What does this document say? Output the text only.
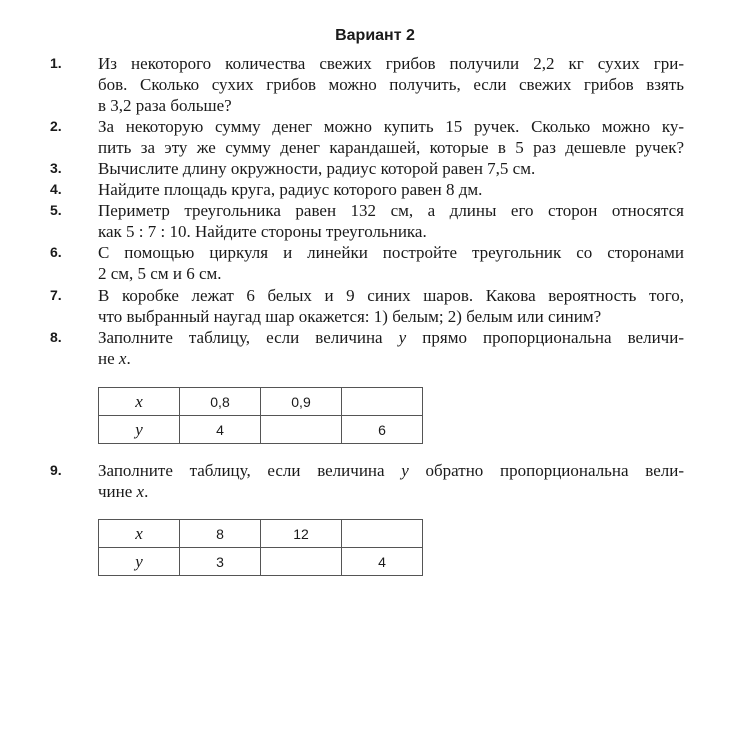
Вариант 2
1. Из некоторого количества свежих грибов получили 2,2 кг сухих гри-
бов. Сколько сухих грибов можно получить, если свежих грибов взять
в 3,2 раза больше?
2. За некоторую сумму денег можно купить 15 ручек. Сколько можно ку-
пить за эту же сумму денег карандашей, которые в 5 раз дешевле ручек?
3. Вычислите длину окружности, радиус которой равен 7,5 см.
4. Найдите площадь круга, радиус которого равен 8 дм.
5. Периметр треугольника равен 132 см, а длины его сторон относятся
как 5 : 7 : 10. Найдите стороны треугольника.
6. С помощью циркуля и линейки постройте треугольник со сторонами
2 см, 5 см и 6 см.
7. В коробке лежат 6 белых и 9 синих шаров. Какова вероятность того,
что выбранный наугад шар окажется: 1) белым; 2) белым или синим?
8. Заполните таблицу, если величина y прямо пропорциональна величи-
не x.
x	0,8	0,9	
y	4		6
9. Заполните таблицу, если величина y обратно пропорциональна вели-
чине x.
x	8	12	
y	3		4
